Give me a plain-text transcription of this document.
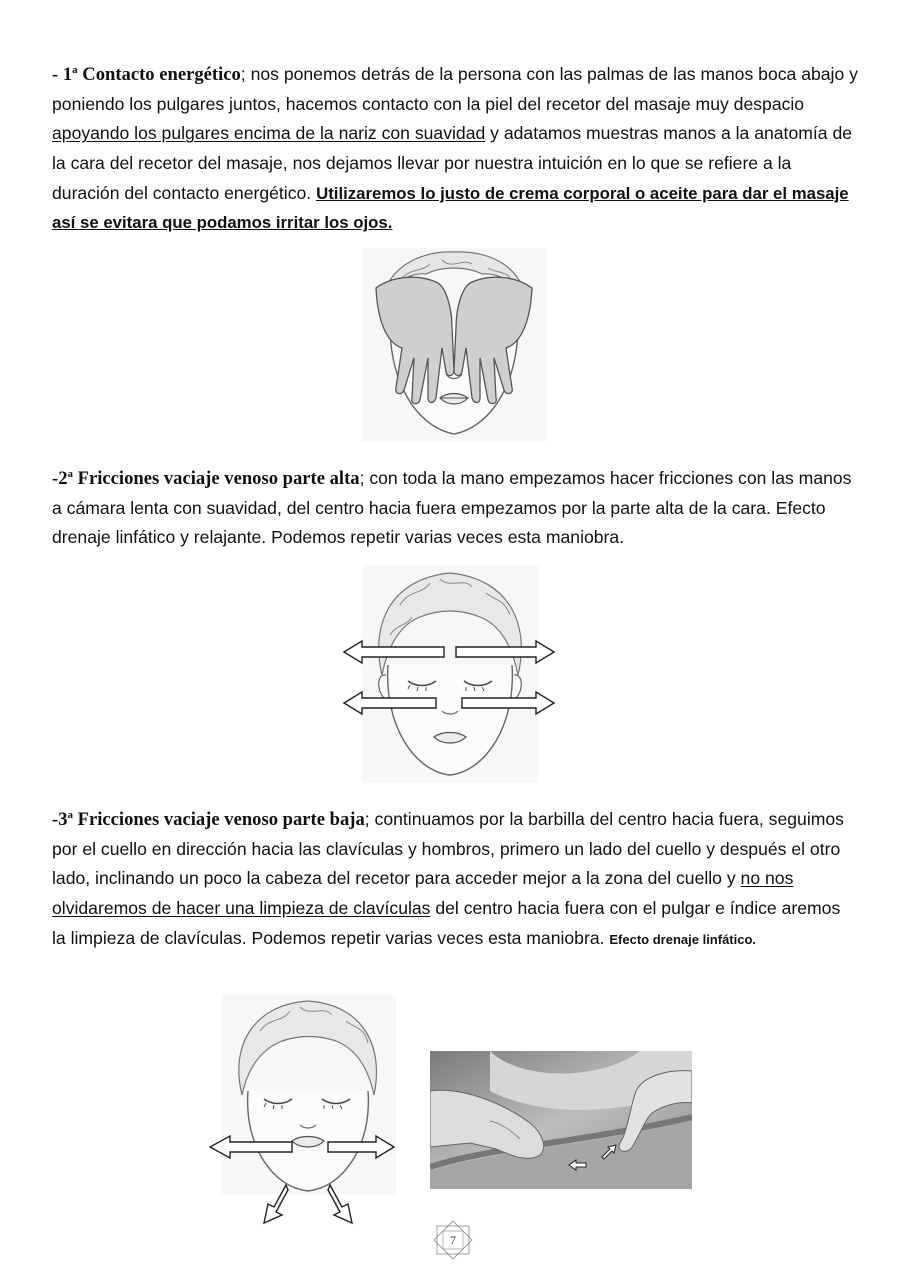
- 1$^a$ Contacto energético; nos ponemos detrás de la persona con las palmas de las manos boca abajo y poniendo los pulgares juntos, hacemos contacto con la piel del recetor del masaje muy despacio apoyando los pulgares encima de la nariz con suavidad y adatamos muestras manos a la anatomía de la cara del recetor del masaje, nos dejamos llevar por nuestra intuición en lo que se refiere a la duración del contacto energético. Utilizaremos lo justo de crema corporal o aceite para dar el masaje así se evitara que podamos irritar los ojos.

-2$^a$ Fricciones vaciaje venoso parte alta; con toda la mano empezamos hacer fricciones con las manos a cámara lenta con suavidad, del centro hacia fuera empezamos por la parte alta de la cara. Efecto drenaje linfático y relajante. Podemos repetir varias veces esta maniobra.

-3$^a$ Fricciones vaciaje venoso parte baja; continuamos por la barbilla del centro hacia fuera, seguimos por el cuello en dirección hacia las clavículas y hombros, primero un lado del cuello y después el otro lado, inclinando un poco la cabeza del recetor para acceder mejor a la zona del cuello y no nos olvidaremos de hacer una limpieza de clavículas del centro hacia fuera con el pulgar e índice aremos la limpieza de clavículas. Podemos repetir varias veces esta maniobra. Efecto drenaje linfático.

7
